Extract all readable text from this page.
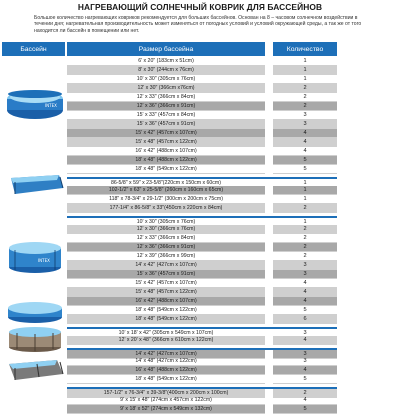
НАГРЕВАЮЩИЙ СОЛНЕЧНЫЙ КОВРИК ДЛЯ БАССЕЙНОВ
Большое количество нагревающих ковриков рекомендуется для больших бассейнов. Основан на 8 – часовом солнечном воздействии в течении дня; нагревательная производительность может изменяться от погодных условий и условий окружающей среды, а так же от того находится ли бассейн в помещении или нет.
Бассейн	Размер бассейна	Количество
6' x 20" (183cm x 51cm)	1
8' x 30" (244cm x 76cm)	1
10' x 30" (305cm x 76cm)	1
12' x 30" (366cm x76cm)	2
12' x 33" (366cm x 84cm)	2
12' x 36" (366cm x 91cm)	2
15' x 33" (457cm x 84cm)	3
15' x 36" (457cm x 91cm)	3
15' x 42" (457cm x 107cm)	4
15' x 48" (457cm x 122cm)	4
16' x 42" (488cm x 107cm)	4
18' x 48" (488cm x 122cm)	5
18' x 48" (549cm x 122cm)	5
86-5/8" x 59" x 23-5/8"(220cm x 150cm x 60cm)	1
102-1/2" x 63" x 25-5/8" (260cm x 160cm x 65cm)	1
118" x 78-3/4" x 29-1/2" (300cm x 200cm x 75cm)	1
177-1/4" x 86-5/8" x 33"(450cm x 220cm x 84cm)	2
10' x 30" (305cm x 76cm)	1
12' x 30" (366cm x 76cm)	2
12' x 33" (366cm x 84cm)	2
12' x 36" (366cm x 91cm)	2
12' x 39" (366cm x 99cm)	2
14' x 42" (427cm x 107cm)	3
15' x 36" (457cm x 91cm)	3
15' x 42" (457cm x 107cm)	4
15' x 48" (457cm x 122cm)	4
16' x 42" (488cm x 107cm)	4
18' x 48" (549cm x 122cm)	5
18' x 48" (549cm x 122cm)	6
10' x 18' x 42" (305cm x 549cm x 107cm)	3
12' x 20' x 48" (366cm x 610cm x 122cm)	4
14' x 42" (427cm x 107cm)	3
14' x 48" (427cm x 122cm)	3
16' x 48" (488cm x 122cm)	4
18' x 48" (549cm x 122cm)	5
157-1/2" x 76-3/4" x 39-3/8"(400cm x 200cm x 100cm)	2
9' x 15' x 48" (274cm x 457cm x 122cm)	4
9' x 18' x 52" (274cm x 549cm x 132cm)	5
INTEX
INTEX
